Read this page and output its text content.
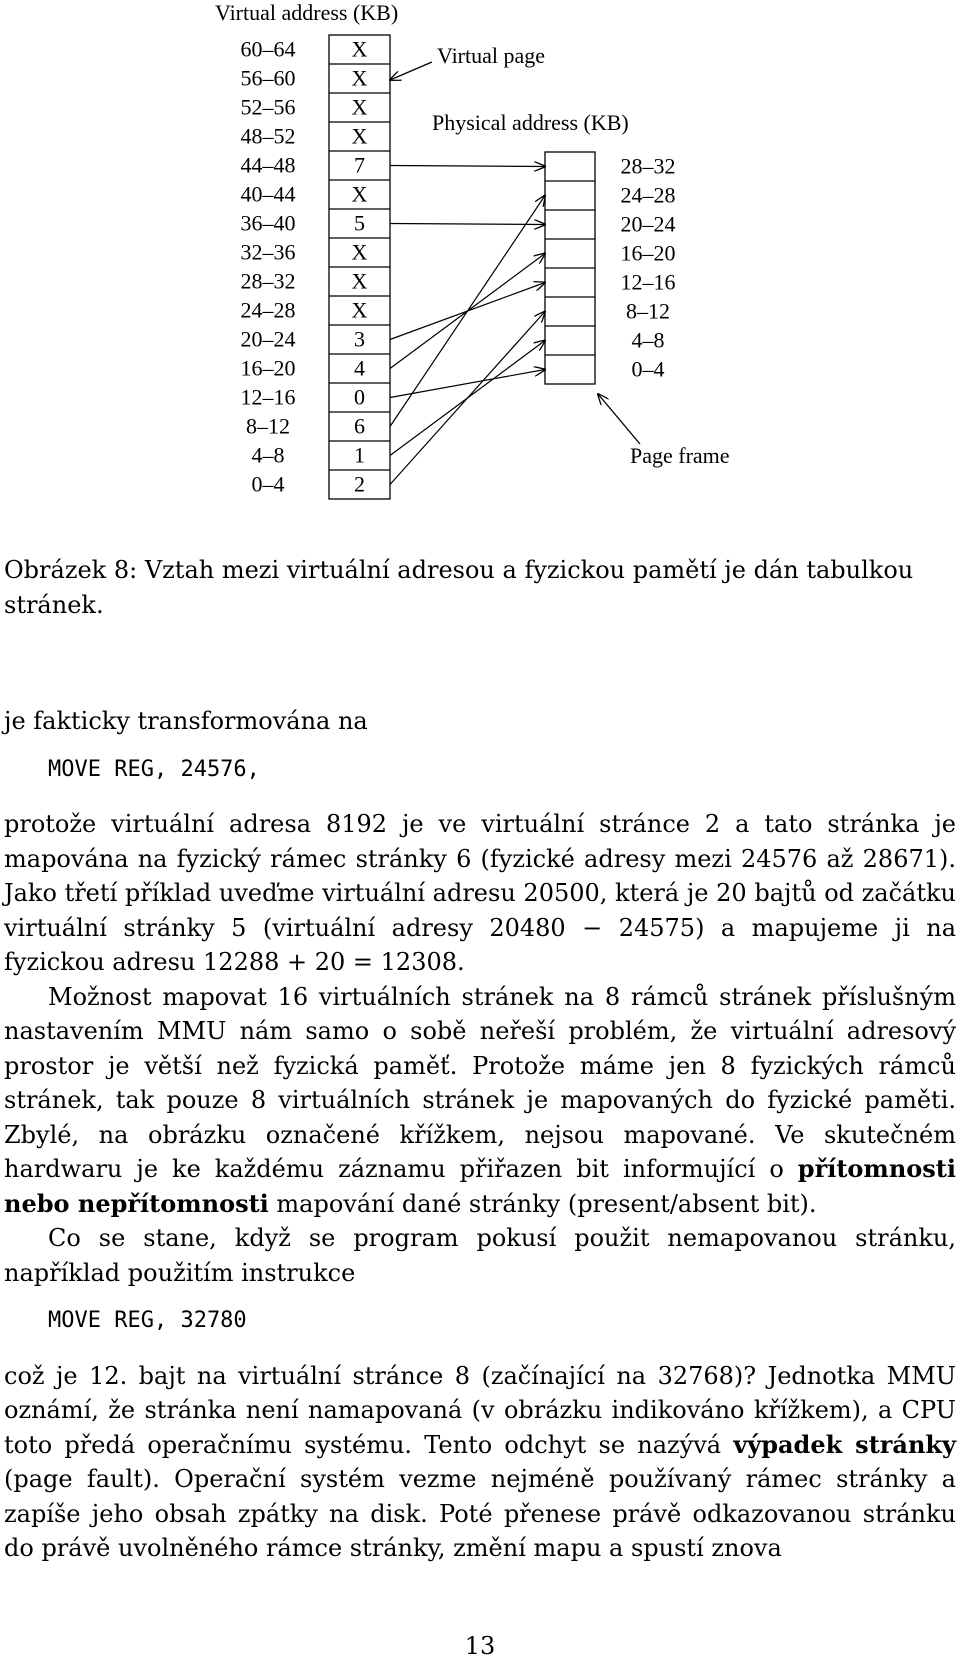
Virtual address (KB)
Virtual page
Physical address (KB)
Page frame
60–64	X
56–60	X
52–56	X
48–52	X
44–48	7
40–44	X
36–40	5
32–36	X
28–32	X
24–28	X
20–24	3
16–20	4
12–16	0
8–12	6
4–8	1
0–4	2
28–32
24–28
20–24
16–20
12–16
8–12
4–8
0–4

Obrázek 8: Vztah mezi virtuální adresou a fyzickou pamětí je dán tabulkou stránek.

je fakticky transformována na

MOVE REG, 24576,

protože virtuální adresa 8192 je ve virtuální stránce 2 a tato stránka je mapována na fyzický rámec stránky 6 (fyzické adresy mezi 24576 až 28671). Jako třetí příklad uveďme virtuální adresu 20500, která je 20 bajtů od začátku virtuální stránky 5 (virtuální adresy 20480 − 24575) a mapujeme ji na fyzickou adresu 12288 + 20 = 12308.

Možnost mapovat 16 virtuálních stránek na 8 rámců stránek příslušným nastavením MMU nám samo o sobě neřeší problém, že virtuální adresový prostor je větší než fyzická paměť. Protože máme jen 8 fyzických rámců stránek, tak pouze 8 virtuálních stránek je mapovaných do fyzické paměti. Zbylé, na obrázku označené křížkem, nejsou mapované. Ve skutečném hardwaru je ke každému záznamu přiřazen bit informující o přítomnosti nebo nepřítomnosti mapování dané stránky (present/absent bit).

Co se stane, když se program pokusí použit nemapovanou stránku, například použitím instrukce

MOVE REG, 32780

což je 12. bajt na virtuální stránce 8 (začínající na 32768)? Jednotka MMU oznámí, že stránka není namapovaná (v obrázku indikováno křížkem), a CPU toto předá operačnímu systému. Tento odchyt se nazývá výpadek stránky (page fault). Operační systém vezme nejméně používaný rámec stránky a zapíše jeho obsah zpátky na disk. Poté přenese právě odkazovanou stránku do právě uvolněného rámce stránky, změní mapu a spustí znova

13
